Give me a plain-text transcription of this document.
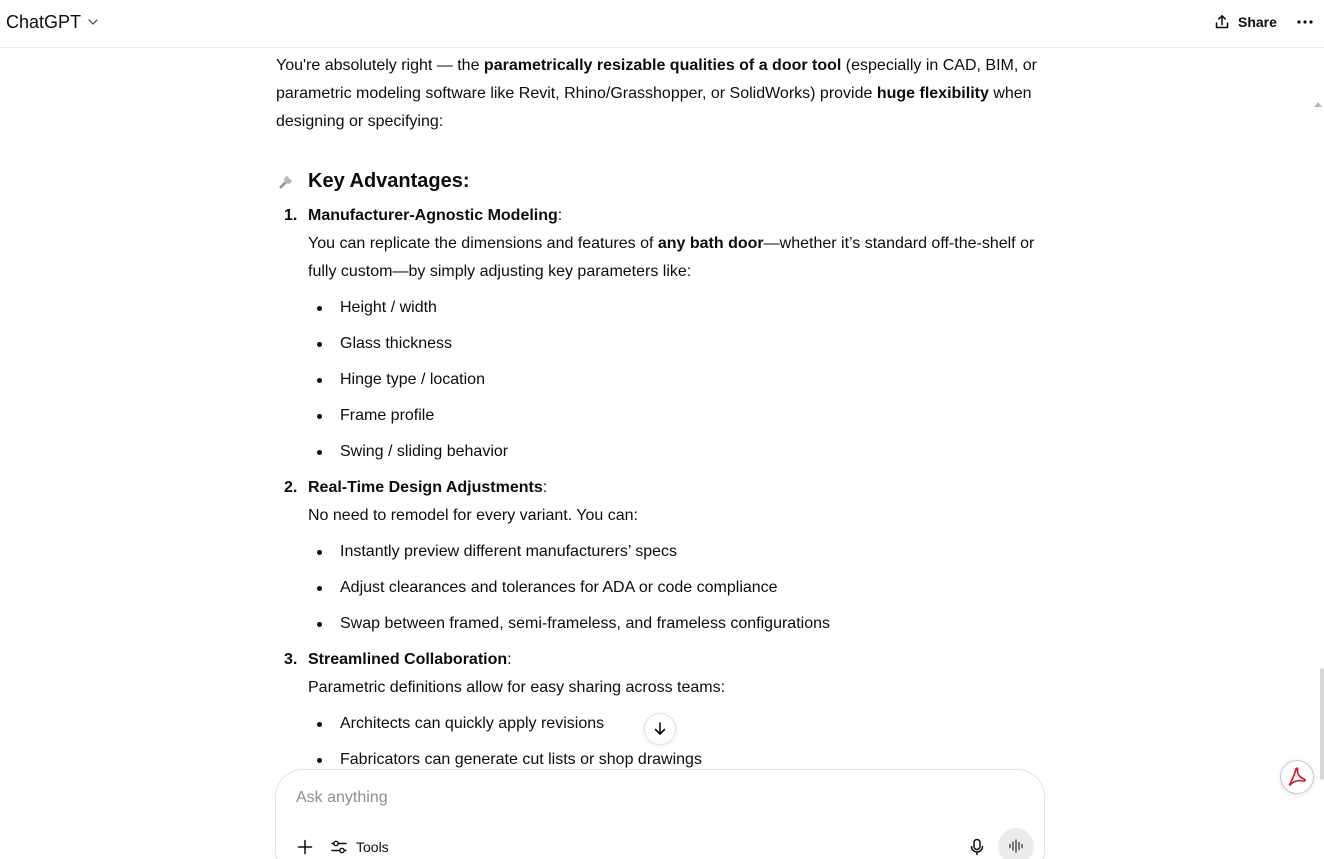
ChatGPT	Share

You're absolutely right — the parametrically resizable qualities of a door tool (especially in CAD, BIM, or parametric modeling software like Revit, Rhino/Grasshopper, or SolidWorks) provide huge flexibility when designing or specifying:

Key Advantages:
1. Manufacturer-Agnostic Modeling:
You can replicate the dimensions and features of any bath door—whether it’s standard off-the-shelf or fully custom—by simply adjusting key parameters like:
Height / width
Glass thickness
Hinge type / location
Frame profile
Swing / sliding behavior
2. Real-Time Design Adjustments:
No need to remodel for every variant. You can:
Instantly preview different manufacturers’ specs
Adjust clearances and tolerances for ADA or code compliance
Swap between framed, semi-frameless, and frameless configurations
3. Streamlined Collaboration:
Parametric definitions allow for easy sharing across teams:
Architects can quickly apply revisions
Fabricators can generate cut lists or shop drawings
Ask anything
Tools
